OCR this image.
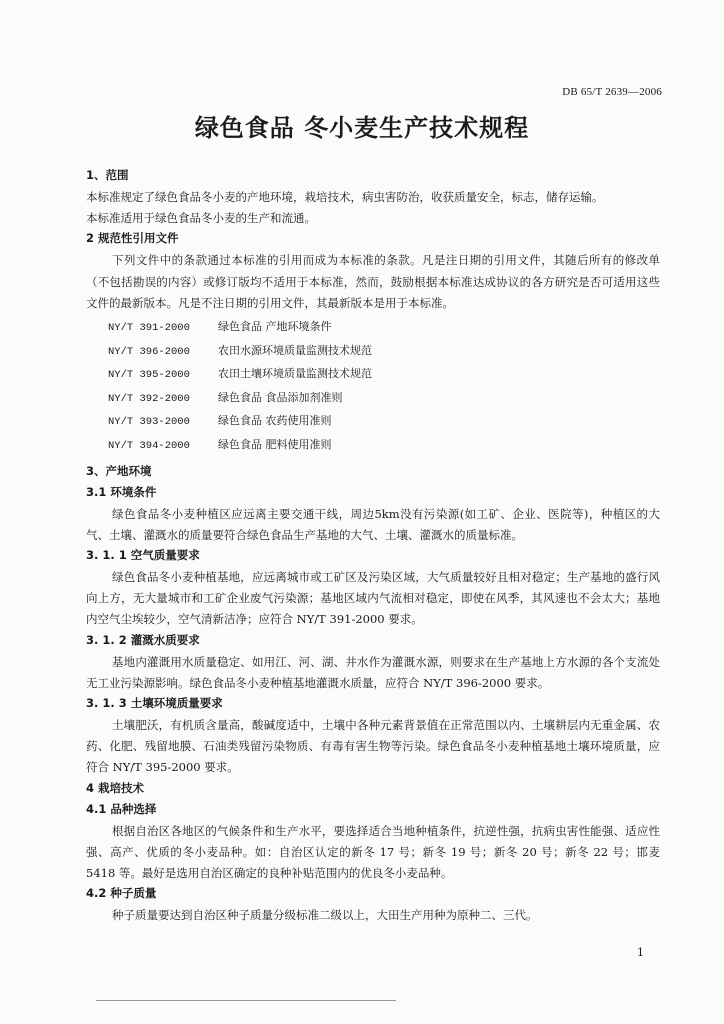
DB 65/T 2639—2006
绿色食品 冬小麦生产技术规程
1、范围
本标准规定了绿色食品冬小麦的产地环境，栽培技术，病虫害防治，收获质量安全，标志，储存运输。
本标准适用于绿色食品冬小麦的生产和流通。
2 规范性引用文件
下列文件中的条款通过本标准的引用而成为本标准的条款。凡是注日期的引用文件，其随后所有的修改单（不包括勘误的内容）或修订版均不适用于本标准，然而，鼓励根据本标准达成协议的各方研究是否可适用这些文件的最新版本。凡是不注日期的引用文件，其最新版本是用于本标准。
NY/T 391-2000	绿色食品 产地环境条件
NY/T 396-2000	农田水源环境质量监测技术规范
NY/T 395-2000	农田土壤环境质量监测技术规范
NY/T 392-2000	绿色食品 食品添加剂准则
NY/T 393-2000	绿色食品 农药使用准则
NY/T 394-2000	绿色食品 肥料使用准则
3、产地环境
3.1 环境条件
绿色食品冬小麦种植区应远离主要交通干线，周边5km没有污染源(如工矿、企业、医院等)，种植区的大气、土壤、灌溉水的质量要符合绿色食品生产基地的大气、土壤、灌溉水的质量标准。
3. 1. 1 空气质量要求
绿色食品冬小麦种植基地，应远离城市或工矿区及污染区域，大气质量较好且相对稳定；生产基地的盛行风向上方，无大量城市和工矿企业废气污染源；基地区域内气流相对稳定，即使在风季，其风速也不会太大；基地内空气尘埃较少，空气清新洁净；应符合 NY/T 391-2000 要求。
3. 1. 2 灌溉水质要求
基地内灌溉用水质量稳定、如用江、河、湖、井水作为灌溉水源，则要求在生产基地上方水源的各个支流处无工业污染源影响。绿色食品冬小麦种植基地灌溉水质量，应符合 NY/T 396-2000 要求。
3. 1. 3 土壤环境质量要求
土壤肥沃，有机质含量高，酸碱度适中，土壤中各种元素背景值在正常范围以内、土壤耕层内无重金属、农药、化肥、残留地膜、石油类残留污染物质、有毒有害生物等污染。绿色食品冬小麦种植基地土壤环境质量，应符合 NY/T 395-2000 要求。
4 栽培技术
4.1 品种选择
根据自治区各地区的气候条件和生产水平，要选择适合当地种植条件，抗逆性强，抗病虫害性能强、适应性强、高产、优质的冬小麦品种。如：自治区认定的新冬 17 号；新冬 19 号；新冬 20 号；新冬 22 号；邯麦 5418 等。最好是选用自治区确定的良种补贴范围内的优良冬小麦品种。
4.2 种子质量
种子质量要达到自治区种子质量分级标准二级以上，大田生产用种为原种二、三代。
1
